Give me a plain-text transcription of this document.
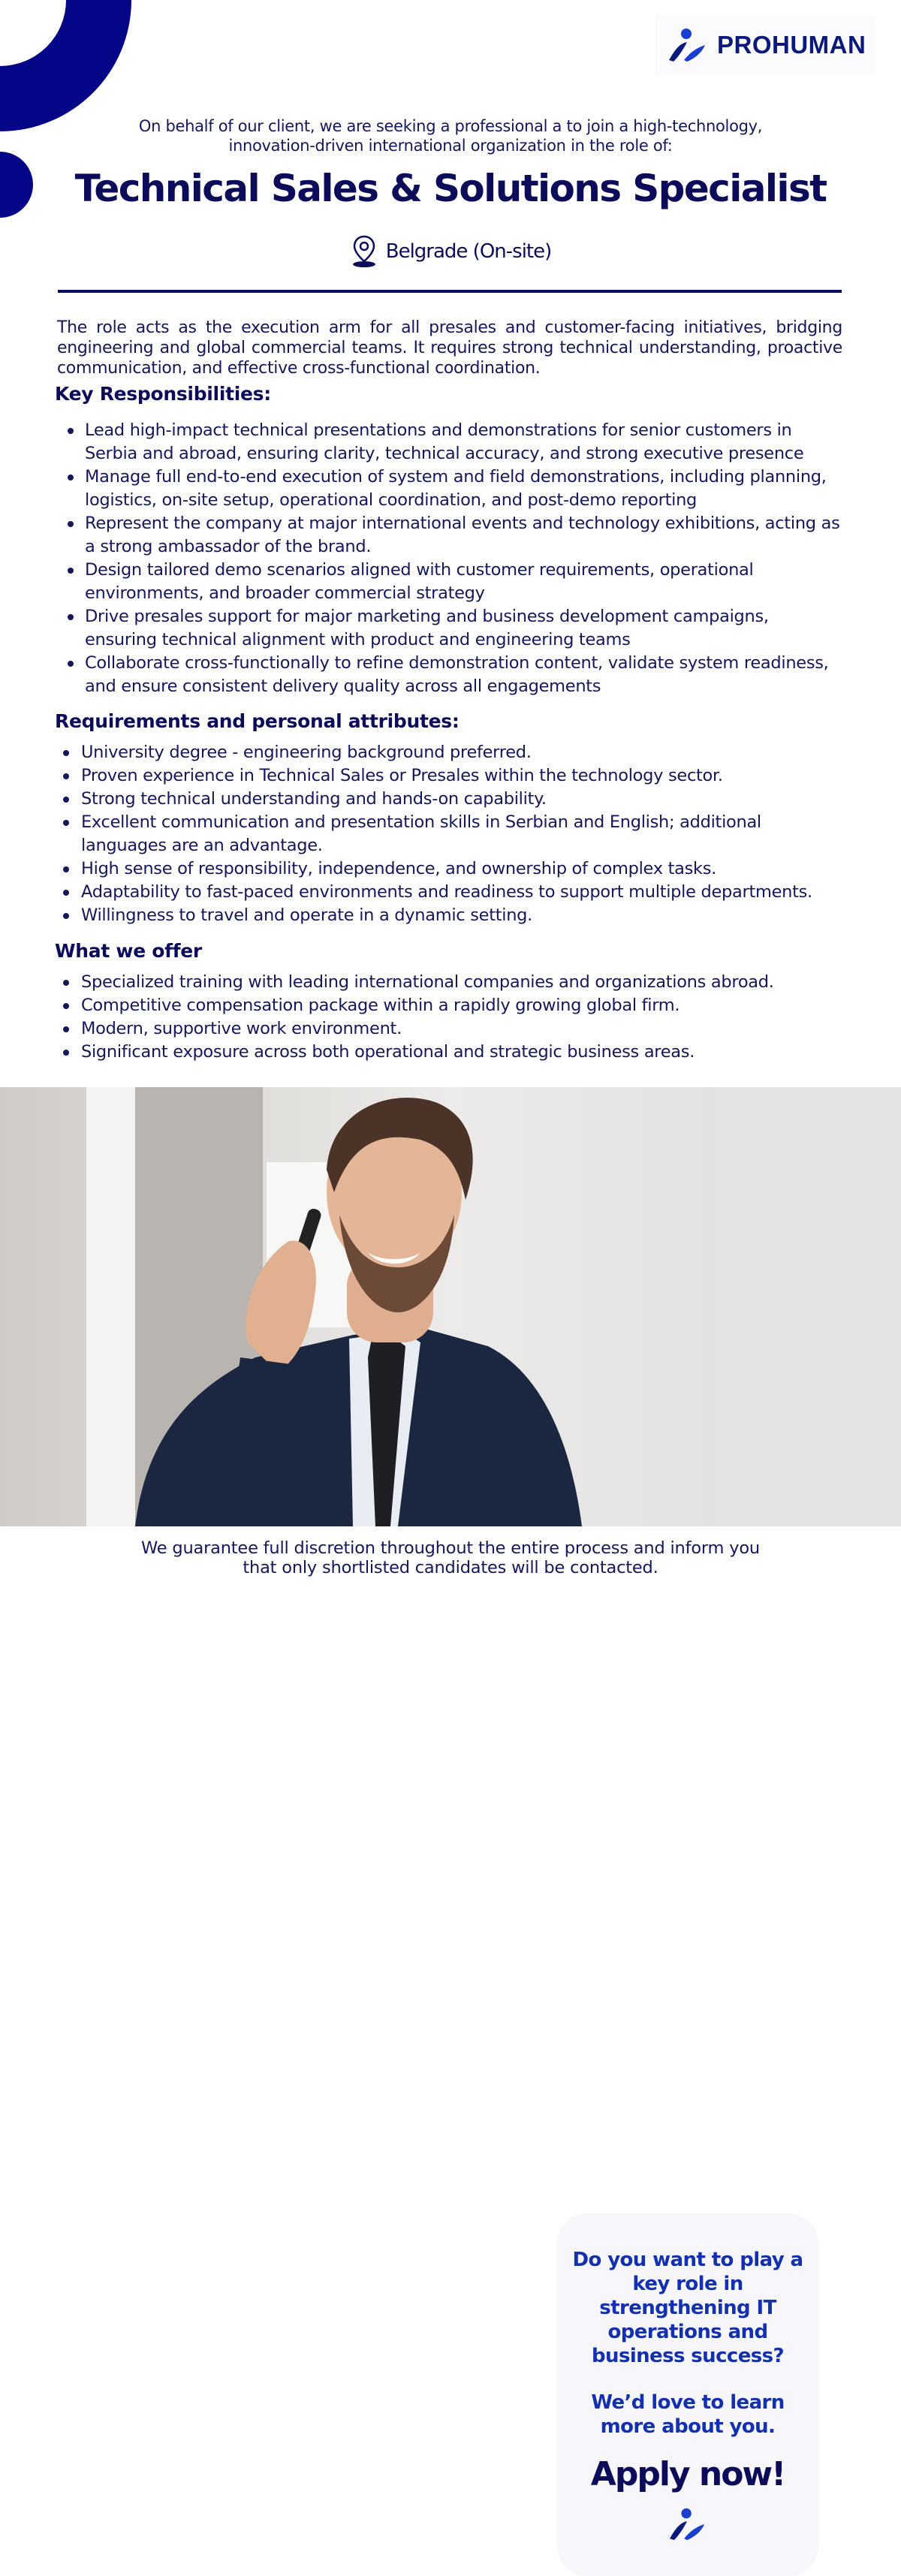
PROHUMAN
On behalf of our client, we are seeking a professional a to join a high-technology,
innovation-driven international organization in the role of:
Technical Sales & Solutions Specialist
Belgrade (On-site)

The role acts as the execution arm for all presales and customer-facing initiatives, bridging engineering and global commercial teams. It requires strong technical understanding, proactive communication, and effective cross-functional coordination.

Key Responsibilities:
Lead high-impact technical presentations and demonstrations for senior customers in Serbia and abroad, ensuring clarity, technical accuracy, and strong executive presence
Manage full end-to-end execution of system and field demonstrations, including planning, logistics, on-site setup, operational coordination, and post-demo reporting
Represent the company at major international events and technology exhibitions, acting as a strong ambassador of the brand.
Design tailored demo scenarios aligned with customer requirements, operational environments, and broader commercial strategy
Drive presales support for major marketing and business development campaigns, ensuring technical alignment with product and engineering teams
Collaborate cross-functionally to refine demonstration content, validate system readiness, and ensure consistent delivery quality across all engagements
Requirements and personal attributes:
University degree - engineering background preferred.
Proven experience in Technical Sales or Presales within the technology sector.
Strong technical understanding and hands-on capability.
Excellent communication and presentation skills in Serbian and English; additional languages are an advantage.
High sense of responsibility, independence, and ownership of complex tasks.
Adaptability to fast-paced environments and readiness to support multiple departments.
Willingness to travel and operate in a dynamic setting.
What we offer
Specialized training with leading international companies and organizations abroad.
Competitive compensation package within a rapidly growing global firm.
Modern, supportive work environment.
Significant exposure across both operational and strategic business areas.

Do you want to play a key role in strengthening IT operations and business success?

We’d love to learn more about you.

Apply now!
We guarantee full discretion throughout the entire process and inform you
that only shortlisted candidates will be contacted.
